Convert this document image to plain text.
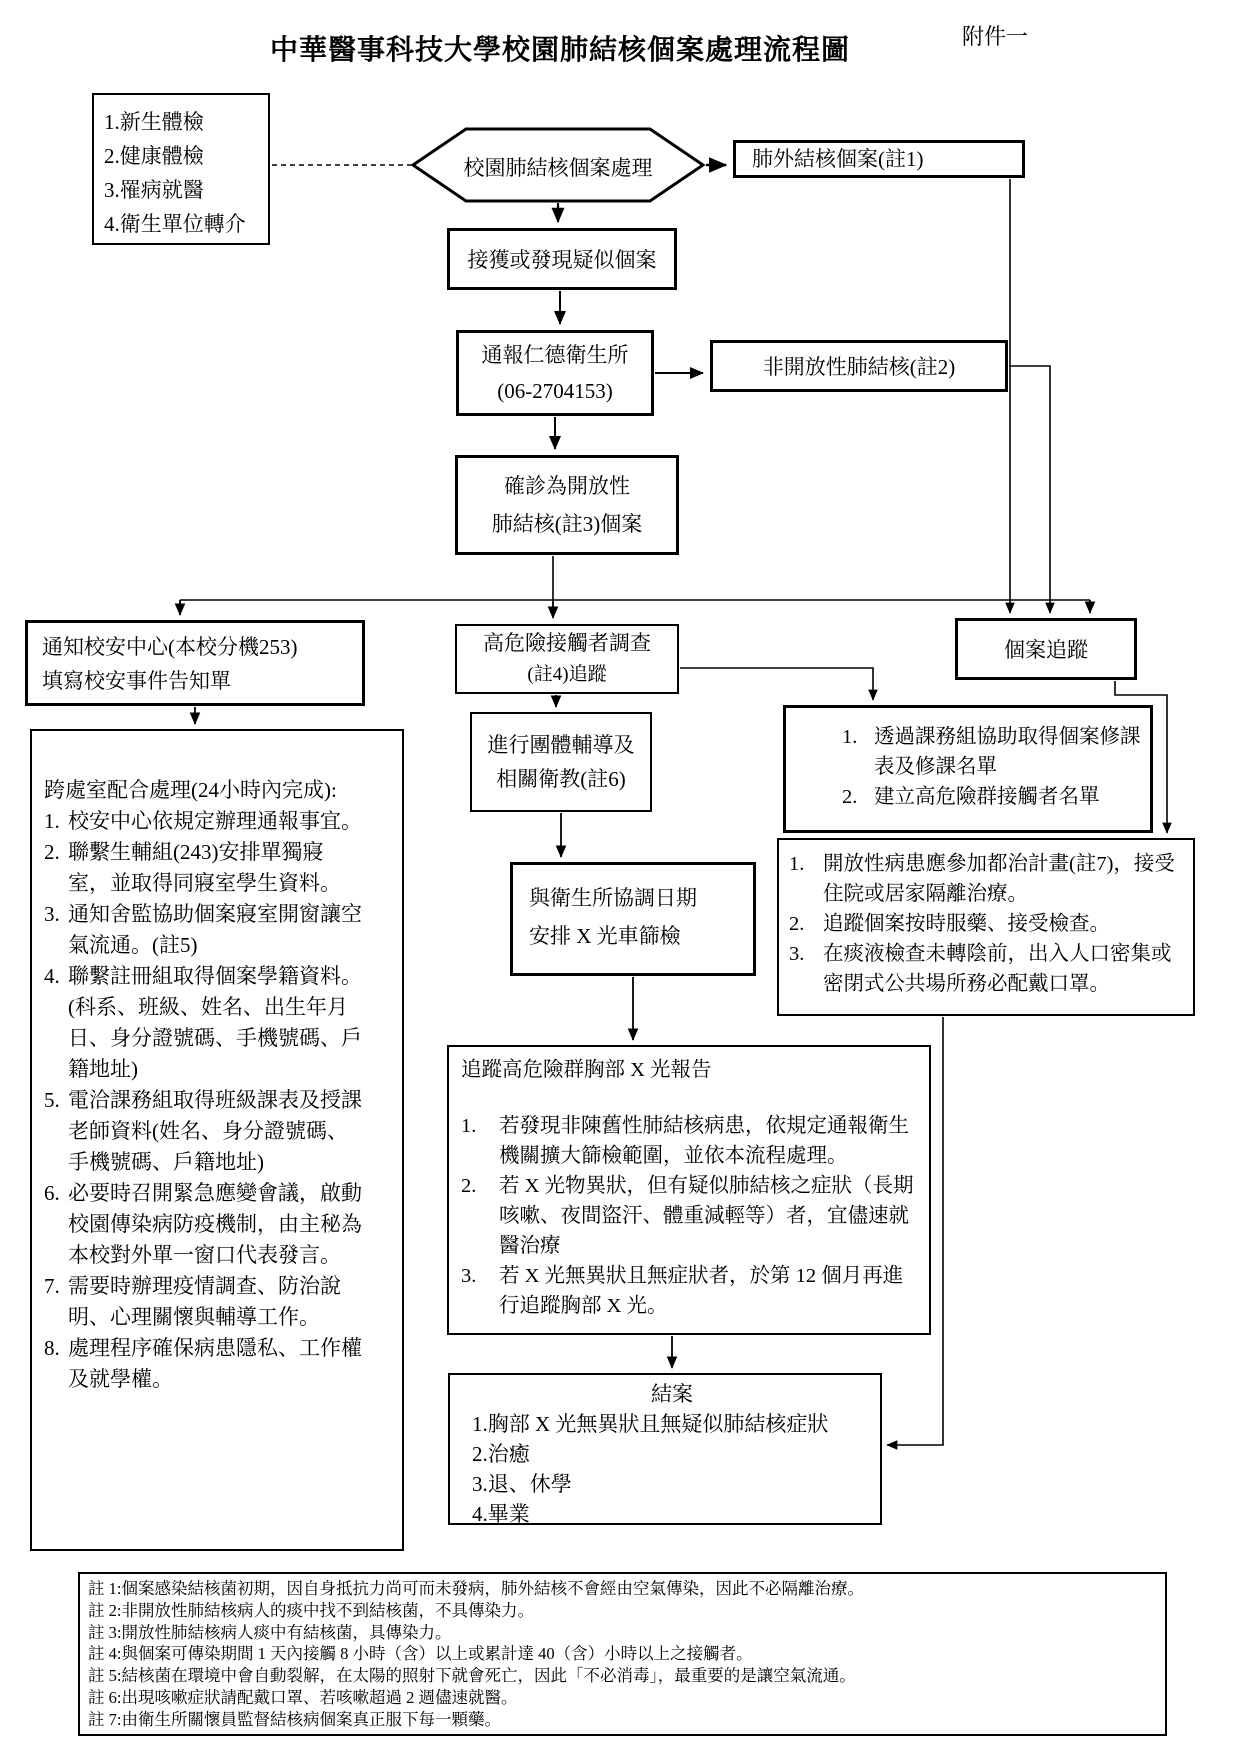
中華醫事科技大學校園肺結核個案處理流程圖	附件一
1.新生體檢
2.健康體檢
3.罹病就醫
4.衛生單位轉介
校園肺結核個案處理	肺外結核個案(註1)
接獲或發現疑似個案
通報仁德衛生所
(06-2704153)
非開放性肺結核(註2)
確診為開放性
肺結核(註3)個案
通知校安中心(本校分機253)
填寫校安事件告知單
高危險接觸者調查
(註4)追蹤
個案追蹤
跨處室配合處理(24小時內完成):
1. 校安中心依規定辦理通報事宜。
2. 聯繫生輔組(243)安排單獨寢室，並取得同寢室學生資料。
3. 通知舍監協助個案寢室開窗讓空氣流通。(註5)
4. 聯繫註冊組取得個案學籍資料。(科系、班級、姓名、出生年月日、身分證號碼、手機號碼、戶籍地址)
5. 電洽課務組取得班級課表及授課老師資料(姓名、身分證號碼、手機號碼、戶籍地址)
6. 必要時召開緊急應變會議，啟動校園傳染病防疫機制，由主秘為本校對外單一窗口代表發言。
7. 需要時辦理疫情調查、防治說明、心理關懷與輔導工作。
8. 處理程序確保病患隱私、工作權及就學權。
進行團體輔導及
相關衛教(註6)
1. 透過課務組協助取得個案修課表及修課名單
2. 建立高危險群接觸者名單
1. 開放性病患應參加都治計畫(註7)，接受住院或居家隔離治療。
2. 追蹤個案按時服藥、接受檢查。
3. 在痰液檢查未轉陰前，出入人口密集或密閉式公共場所務必配戴口罩。
與衛生所協調日期
安排 X 光車篩檢
追蹤高危險群胸部 X 光報告
1.	若發現非陳舊性肺結核病患，依規定通報衛生機關擴大篩檢範圍，並依本流程處理。
2.	若 X 光物異狀，但有疑似肺結核之症狀（長期咳嗽、夜間盜汗、體重減輕等）者，宜儘速就醫治療
3.	若 X 光無異狀且無症狀者，於第 12 個月再進行追蹤胸部 X 光。
結案
1.胸部 X 光無異狀且無疑似肺結核症狀
2.治癒
3.退、休學
4.畢業
註 1:個案感染結核菌初期，因自身抵抗力尚可而未發病，肺外結核不會經由空氣傳染，因此不必隔離治療。
註 2:非開放性肺結核病人的痰中找不到結核菌，不具傳染力。
註 3:開放性肺結核病人痰中有結核菌，具傳染力。
註 4:與個案可傳染期間 1 天內接觸 8 小時（含）以上或累計達 40（含）小時以上之接觸者。
註 5:結核菌在環境中會自動裂解，在太陽的照射下就會死亡，因此「不必消毒」，最重要的是讓空氣流通。
註 6:出現咳嗽症狀請配戴口罩、若咳嗽超過 2 週儘速就醫。
註 7:由衛生所關懷員監督結核病個案真正服下每一顆藥。
